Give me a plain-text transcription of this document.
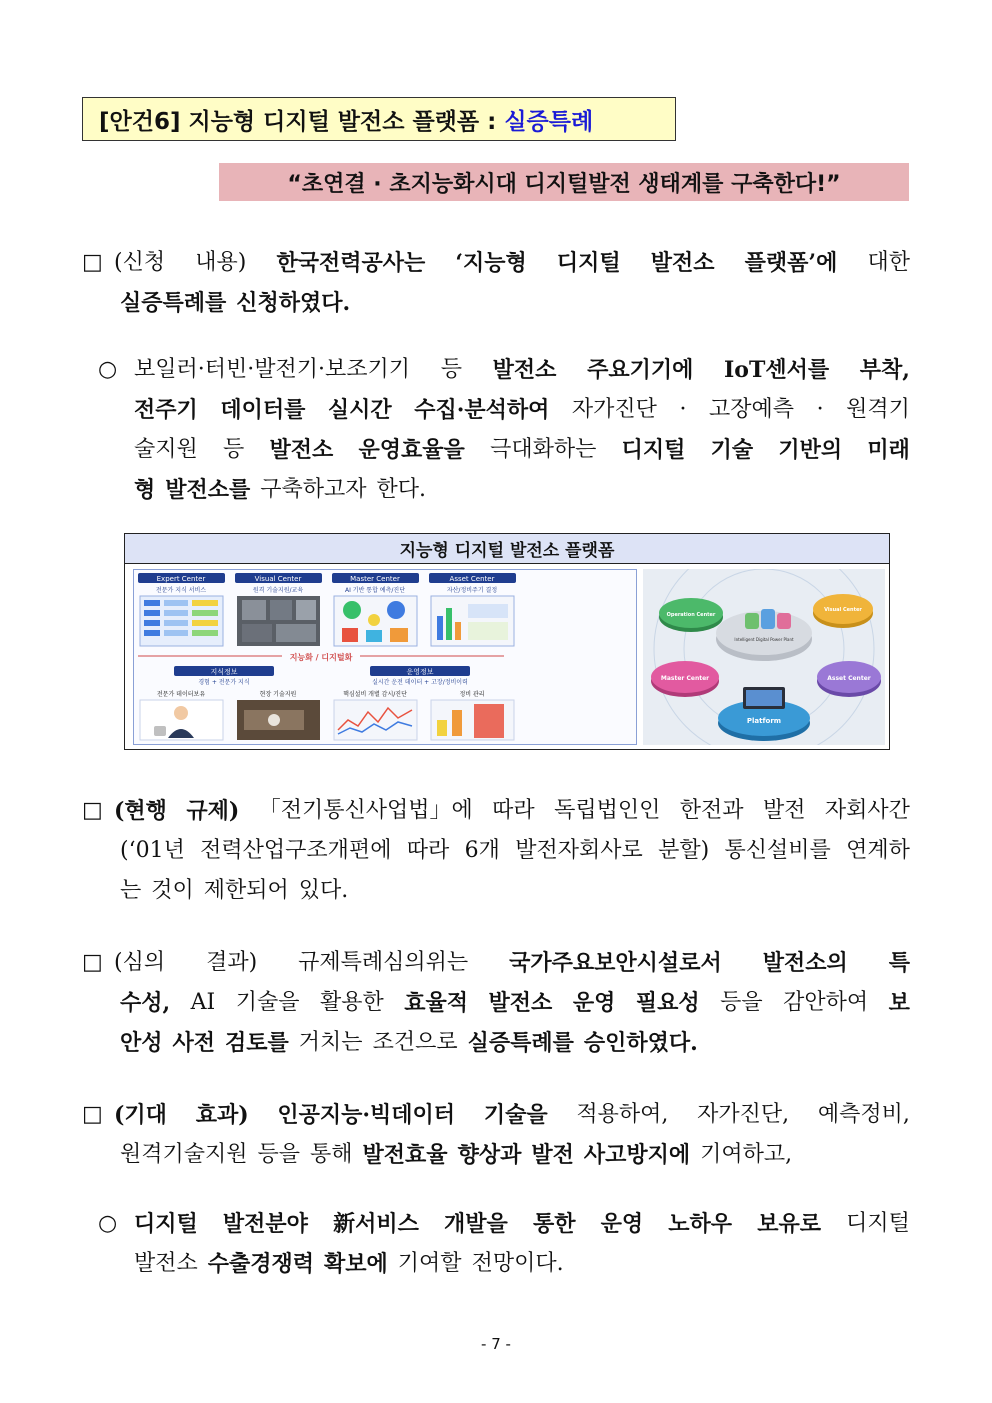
[안건6] 지능형 디지털 발전소 플랫폼 : 실증특례
“초연결 · 초지능화시대 디지털발전 생태계를 구축한다!”
□ (신청 내용) 한국전력공사는 ‘지능형 디지털 발전소 플랫폼’에 대한
실증특례를 신청하였다.
○ 보일러·터빈·발전기·보조기기 등 발전소 주요기기에 IoT센서를 부착,
전주기 데이터를 실시간 수집·분석하여 자가진단 · 고장예측 · 원격기
술지원 등 발전소 운영효율을 극대화하는 디지털 기술 기반의 미래
형 발전소를 구축하고자 한다.
지능형 디지털 발전소 플랫폼
Expert Center
전문가 지식 서비스
Visual Center
원격 기술지원/교육
Master Center
AI 기반 통합 예측/진단
Asset Center
자산/정비주기 결정
지능화 / 디지털화
지식정보
경험 + 전문가 지식
운영정보
실시간 운전 데이터 + 고장/정비이력
전문가 데이터보유	현장 기술지원	핵심설비 개별 감시/진단	정비 관리
Intelligent Digital Power Plant
Operation Center
Visual Center
Master Center	Asset Center
Platform
□ (현행 규제) 「전기통신사업법」에 따라 독립법인인 한전과 발전 자회사간
(‘01년 전력산업구조개편에 따라 6개 발전자회사로 분할) 통신설비를 연계하
는 것이 제한되어 있다.
□ (심의 결과) 규제특례심의위는 국가주요보안시설로서 발전소의 특
수성, AI 기술을 활용한 효율적 발전소 운영 필요성 등을 감안하여 보
안성 사전 검토를 거치는 조건으로 실증특례를 승인하였다.
□ (기대 효과) 인공지능·빅데이터 기술을 적용하여, 자가진단, 예측정비,
원격기술지원 등을 통해 발전효율 향상과 발전 사고방지에 기여하고,
○ 디지털 발전분야 新서비스 개발을 통한 운영 노하우 보유로 디지털
발전소 수출경쟁력 확보에 기여할 전망이다.
- 7 -
